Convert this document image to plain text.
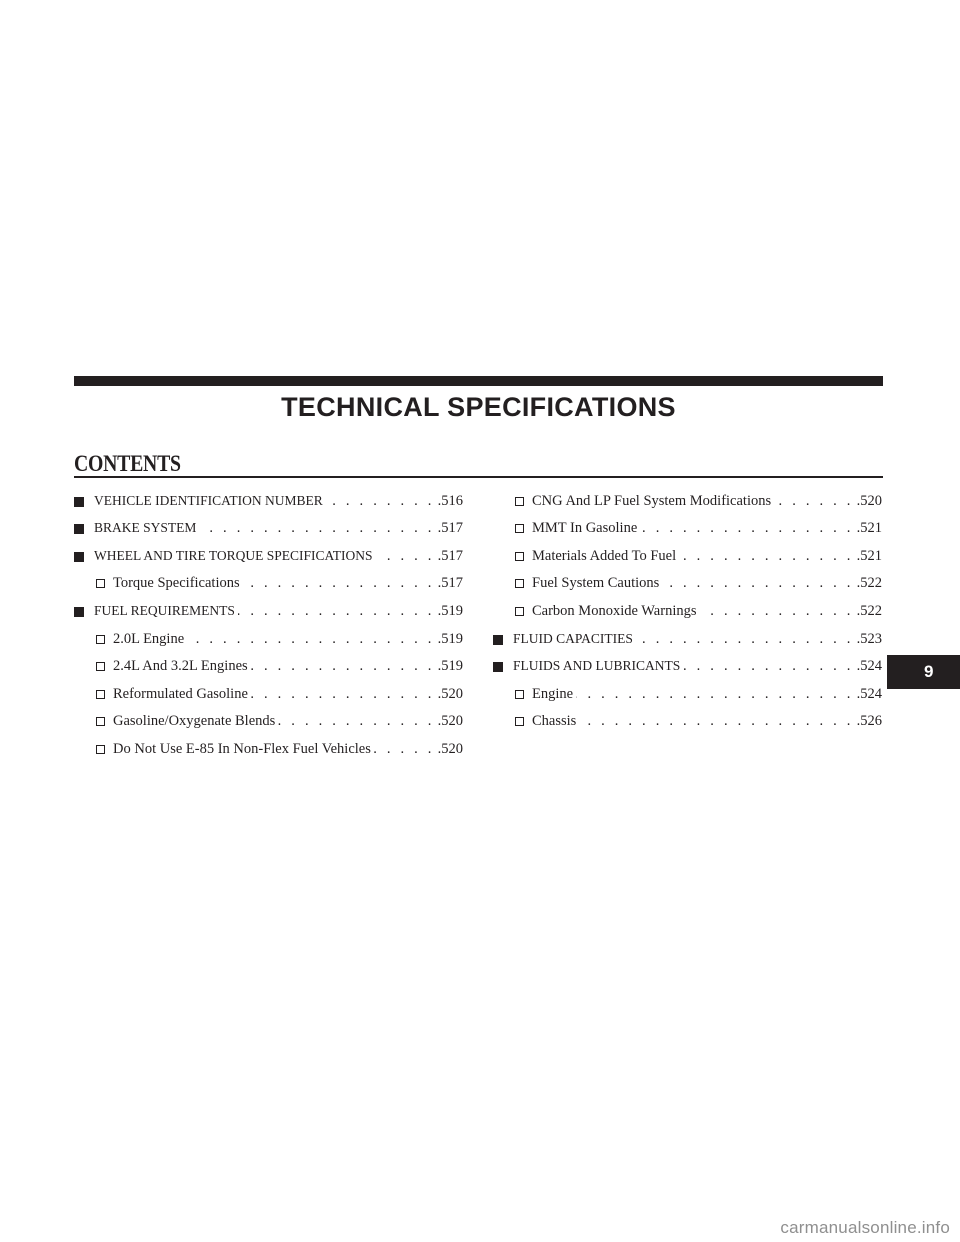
TECHNICAL SPECIFICATIONS
CONTENTS
VEHICLE IDENTIFICATION NUMBER . . .	.516
BRAKE SYSTEM . . .	.517
WHEEL AND TIRE TORQUE SPECIFICATIONS . . .	.517
Torque Specifications . . .	.517
FUEL REQUIREMENTS . . .	.519
2.0L Engine . . .	.519
2.4L And 3.2L Engines . . .	.519
Reformulated Gasoline . . .	.520
Gasoline/Oxygenate Blends . . .	.520
Do Not Use E-85 In Non-Flex Fuel Vehicles . . .	.520
CNG And LP Fuel System Modifications . . .	.520
MMT In Gasoline . . .	.521
Materials Added To Fuel . . .	.521
Fuel System Cautions . . .	.522
Carbon Monoxide Warnings . . .	.522
FLUID CAPACITIES . . .	.523
FLUIDS AND LUBRICANTS . . .	.524
Engine . . .	.524
Chassis . . .	.526
9
carmanualsonline.info
